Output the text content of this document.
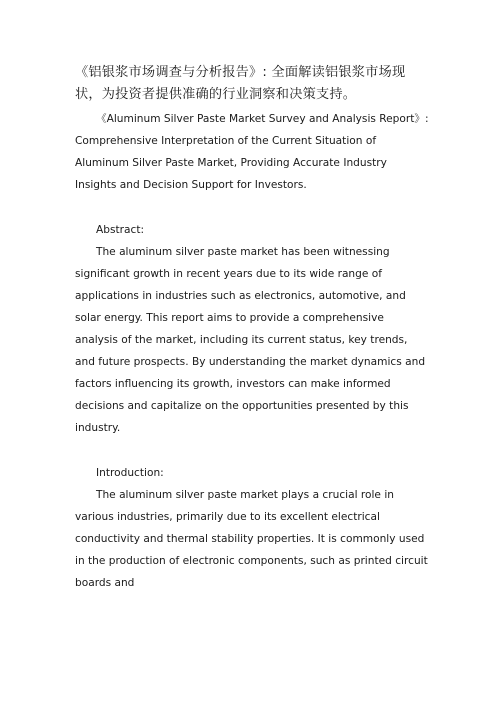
《铝银浆市场调查与分析报告》: 全面解读铝银浆市场现状，为投资者提供准确的行业洞察和决策支持。

《Aluminum Silver Paste Market Survey and Analysis Report》: Comprehensive Interpretation of the Current Situation of Aluminum Silver Paste Market, Providing Accurate Industry Insights and Decision Support for Investors.

Abstract:

The aluminum silver paste market has been witnessing significant growth in recent years due to its wide range of applications in industries such as electronics, automotive, and solar energy. This report aims to provide a comprehensive analysis of the market, including its current status, key trends, and future prospects. By understanding the market dynamics and factors influencing its growth, investors can make informed decisions and capitalize on the opportunities presented by this industry.

Introduction:

The aluminum silver paste market plays a crucial role in various industries, primarily due to its excellent electrical conductivity and thermal stability properties. It is commonly used in the production of electronic components, such as printed circuit boards and
